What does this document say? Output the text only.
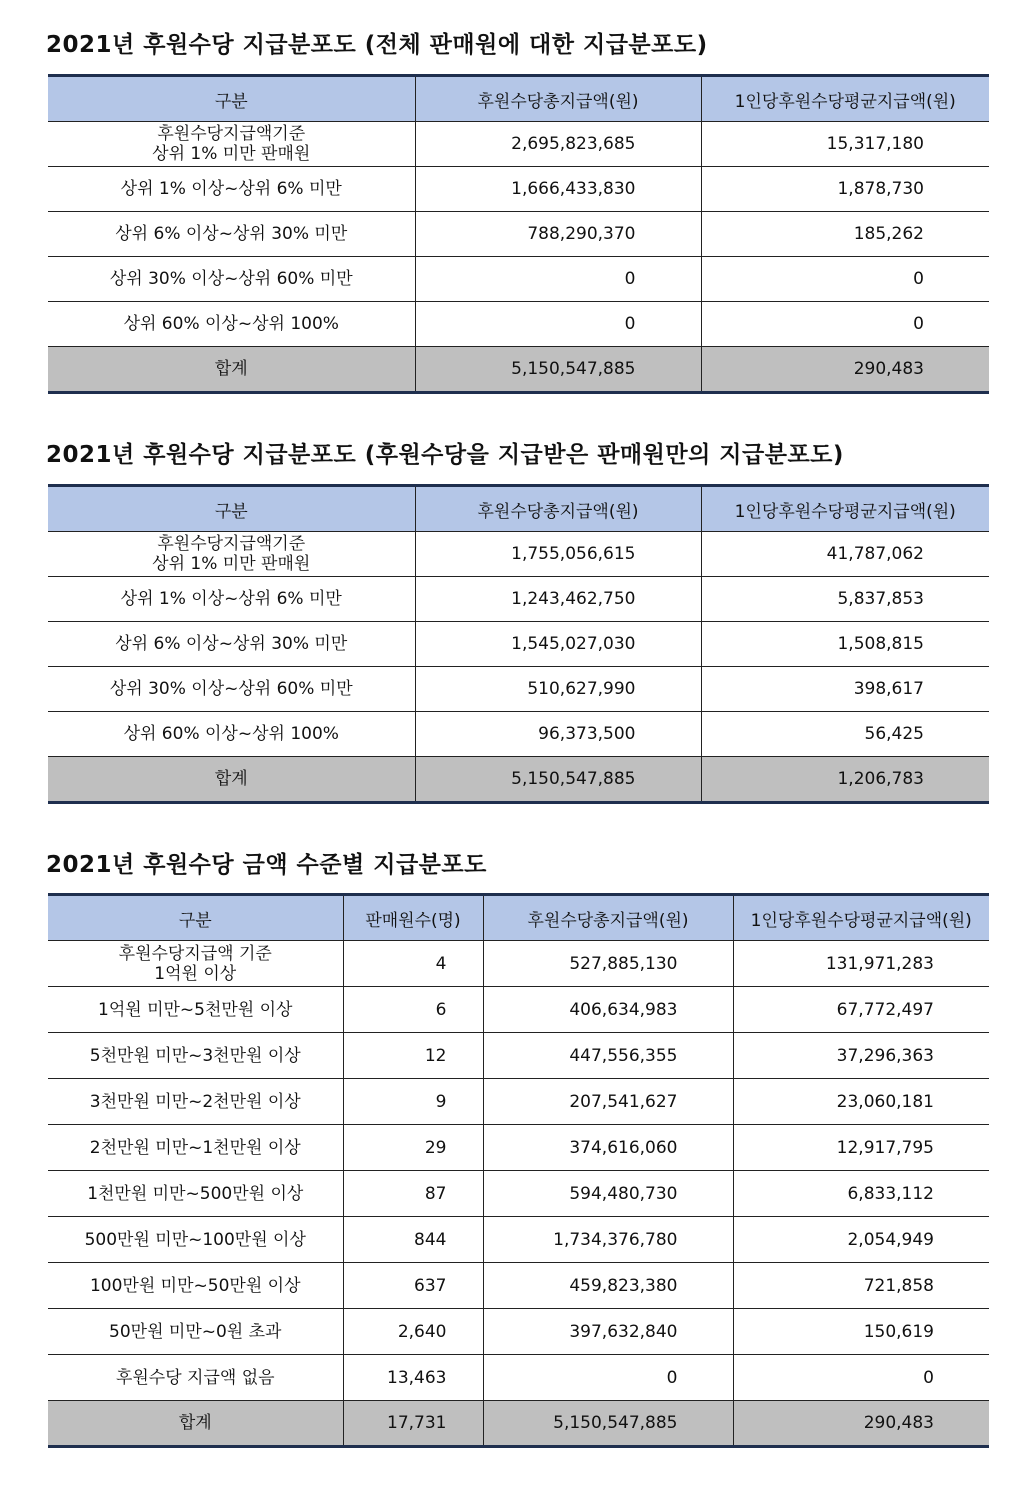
2021년 후원수당 지급분포도 (전체 판매원에 대한 지급분포도)
구분	후원수당총지급액(원)	1인당후원수당평균지급액(원)

후원수당지급액기준
상위 1% 미만 판매원	2,695,823,685	15,317,180
상위 1% 이상~상위 6% 미만	1,666,433,830	1,878,730
상위 6% 이상~상위 30% 미만	788,290,370	185,262
상위 30% 이상~상위 60% 미만	0	0
상위 60% 이상~상위 100%	0	0
합계	5,150,547,885	290,483
2021년 후원수당 지급분포도 (후원수당을 지급받은 판매원만의 지급분포도)
구분	후원수당총지급액(원)	1인당후원수당평균지급액(원)

후원수당지급액기준
상위 1% 미만 판매원	1,755,056,615	41,787,062
상위 1% 이상~상위 6% 미만	1,243,462,750	5,837,853
상위 6% 이상~상위 30% 미만	1,545,027,030	1,508,815
상위 30% 이상~상위 60% 미만	510,627,990	398,617
상위 60% 이상~상위 100%	96,373,500	56,425
합계	5,150,547,885	1,206,783
2021년 후원수당 금액 수준별 지급분포도
구분	판매원수(명)	후원수당총지급액(원)	1인당후원수당평균지급액(원)

후원수당지급액 기준
1억원 이상	4	527,885,130	131,971,283
1억원 미만~5천만원 이상	6	406,634,983	67,772,497
5천만원 미만~3천만원 이상	12	447,556,355	37,296,363
3천만원 미만~2천만원 이상	9	207,541,627	23,060,181
2천만원 미만~1천만원 이상	29	374,616,060	12,917,795
1천만원 미만~500만원 이상	87	594,480,730	6,833,112
500만원 미만~100만원 이상	844	1,734,376,780	2,054,949
100만원 미만~50만원 이상	637	459,823,380	721,858
50만원 미만~0원 초과	2,640	397,632,840	150,619
후원수당 지급액 없음	13,463	0	0
합계	17,731	5,150,547,885	290,483
